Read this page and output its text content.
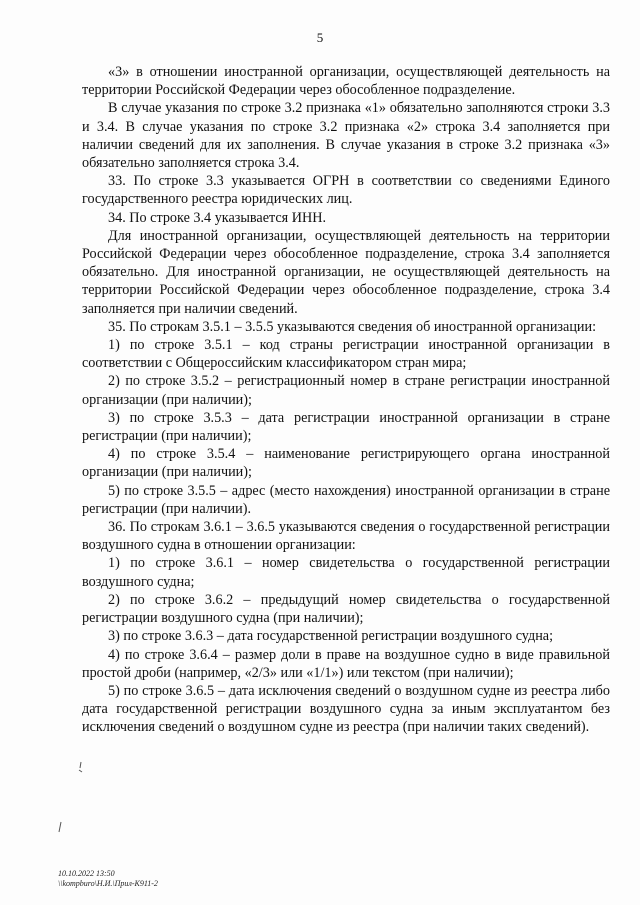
5

«3» в отношении иностранной организации, осуществляющей деятельность на территории Российской Федерации через обособленное подразделение.

В случае указания по строке 3.2 признака «1» обязательно заполняются строки 3.3 и 3.4. В случае указания по строке 3.2 признака «2» строка 3.4 заполняется при наличии сведений для их заполнения. В случае указания в строке 3.2 признака «3» обязательно заполняется строка 3.4.

33. По строке 3.3 указывается ОГРН в соответствии со сведениями Единого государственного реестра юридических лиц.

34. По строке 3.4 указывается ИНН.

Для иностранной организации, осуществляющей деятельность на территории Российской Федерации через обособленное подразделение, строка 3.4 заполняется обязательно. Для иностранной организации, не осуществляющей деятельность на территории Российской Федерации через обособленное подразделение, строка 3.4 заполняется при наличии сведений.

35. По строкам 3.5.1 – 3.5.5 указываются сведения об иностранной организации:

1) по строке 3.5.1 – код страны регистрации иностранной организации в соответствии с Общероссийским классификатором стран мира;

2) по строке 3.5.2 – регистрационный номер в стране регистрации иностранной организации (при наличии);

3) по строке 3.5.3 – дата регистрации иностранной организации в стране регистрации (при наличии);

4) по строке 3.5.4 – наименование регистрирующего органа иностранной организации (при наличии);

5) по строке 3.5.5 – адрес (место нахождения) иностранной организации в стране регистрации (при наличии).

36. По строкам 3.6.1 – 3.6.5 указываются сведения о государственной регистрации воздушного судна в отношении организации:

1) по строке 3.6.1 – номер свидетельства о государственной регистрации воздушного судна;

2) по строке 3.6.2 – предыдущий номер свидетельства о государственной регистрации воздушного судна (при наличии);

3) по строке 3.6.3 – дата государственной регистрации воздушного судна;

4) по строке 3.6.4 – размер доли в праве на воздушное судно в виде правильной простой дроби (например, «2/3» или «1/1») или текстом (при наличии);

5) по строке 3.6.5 – дата исключения сведений о воздушном судне из реестра либо дата государственной регистрации воздушного судна за иным эксплуатантом без исключения сведений о воздушном судне из реестра (при наличии таких сведений).

10.10.2022 13:50
\\kompburo\Н.И.\Прил-К911-2
